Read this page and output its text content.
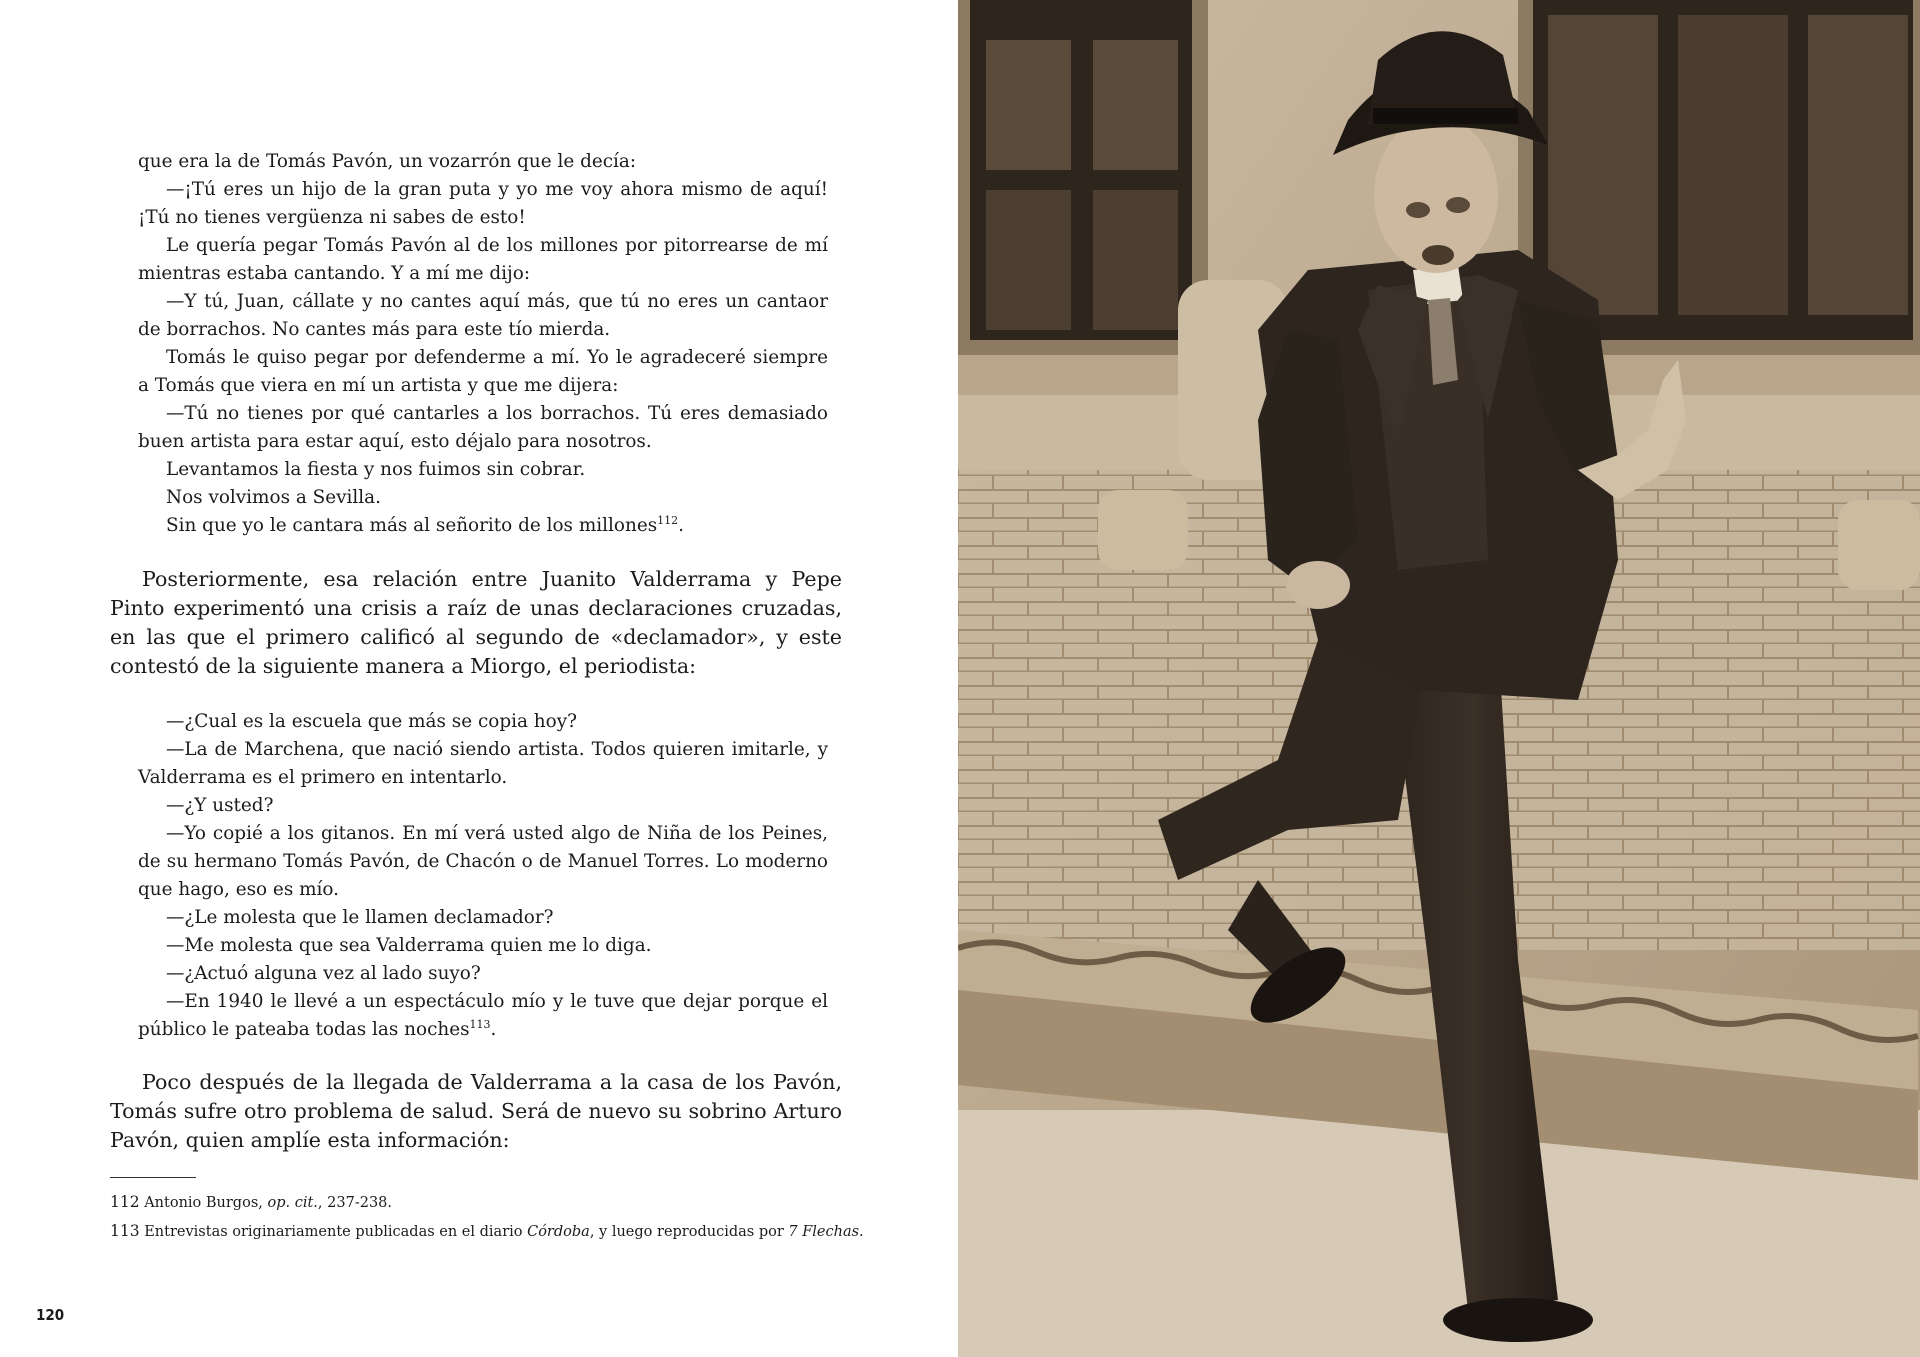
que era la de Tomás Pavón, un vozarrón que le decía:

—¡Tú eres un hijo de la gran puta y yo me voy ahora mismo de aquí! ¡Tú no tienes vergüenza ni sabes de esto!

Le quería pegar Tomás Pavón al de los millones por pitorrearse de mí mientras estaba cantando. Y a mí me dijo:

—Y tú, Juan, cállate y no cantes aquí más, que tú no eres un cantaor de borrachos. No cantes más para este tío mierda.

Tomás le quiso pegar por defenderme a mí. Yo le agradeceré siempre a Tomás que viera en mí un artista y que me dijera:

—Tú no tienes por qué cantarles a los borrachos. Tú eres demasiado buen artista para estar aquí, esto déjalo para nosotros.

Levantamos la fiesta y nos fuimos sin cobrar.

Nos volvimos a Sevilla.

Sin que yo le cantara más al señorito de los millones$^{112}$.

Posteriormente, esa relación entre Juanito Valderrama y Pepe Pinto experimentó una crisis a raíz de unas declaraciones cruzadas, en las que el primero calificó al segundo de «declamador», y este contestó de la siguiente manera a Miorgo, el periodista:

—¿Cual es la escuela que más se copia hoy?

—La de Marchena, que nació siendo artista. Todos quieren imitarle, y Valderrama es el primero en intentarlo.

—¿Y usted?

—Yo copié a los gitanos. En mí verá usted algo de Niña de los Peines, de su hermano Tomás Pavón, de Chacón o de Manuel Torres. Lo moderno que hago, eso es mío.

—¿Le molesta que le llamen declamador?

—Me molesta que sea Valderrama quien me lo diga.

—¿Actuó alguna vez al lado suyo?

—En 1940 le llevé a un espectáculo mío y le tuve que dejar porque el público le pateaba todas las noches$^{113}$.

Poco después de la llegada de Valderrama a la casa de los Pavón, Tomás sufre otro problema de salud. Será de nuevo su sobrino Arturo Pavón, quien amplíe esta información:

112 Antonio Burgos, op. cit., 237-238.

113 Entrevistas originariamente publicadas en el diario Córdoba, y luego reproducidas por 7 Flechas.

120
